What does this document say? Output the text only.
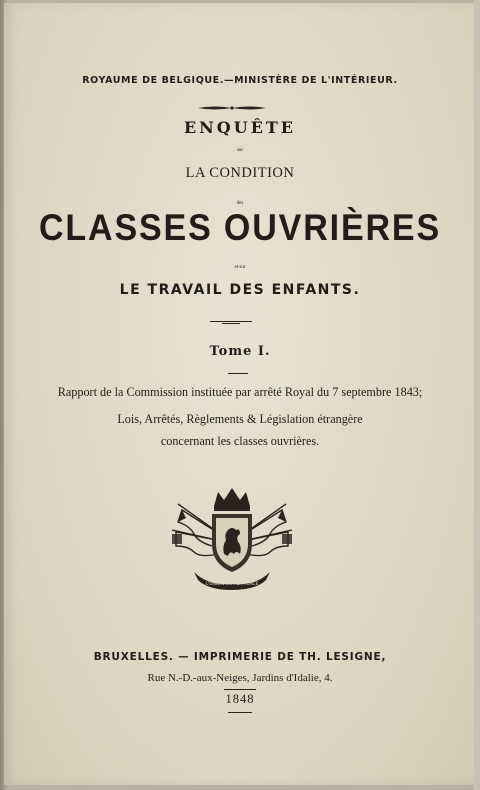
ROYAUME DE BELGIQUE.—MINISTÈRE DE L'INTÉRIEUR.
ENQUÊTE
sur
LA CONDITION
des
CLASSES OUVRIÈRES
et sur
LE TRAVAIL DES ENFANTS.
Tome I.
Rapport de la Commission instituée par arrêté Royal du 7 septembre 1843;
Lois, Arrêtés, Règlements & Législation étrangère
concernant les classes ouvrières.
L'UNION FAIT LA FORCE
BRUXELLES. — IMPRIMERIE DE TH. LESIGNE,
Rue N.-D.-aux-Neiges, Jardins d'Idalie, 4.
1848
